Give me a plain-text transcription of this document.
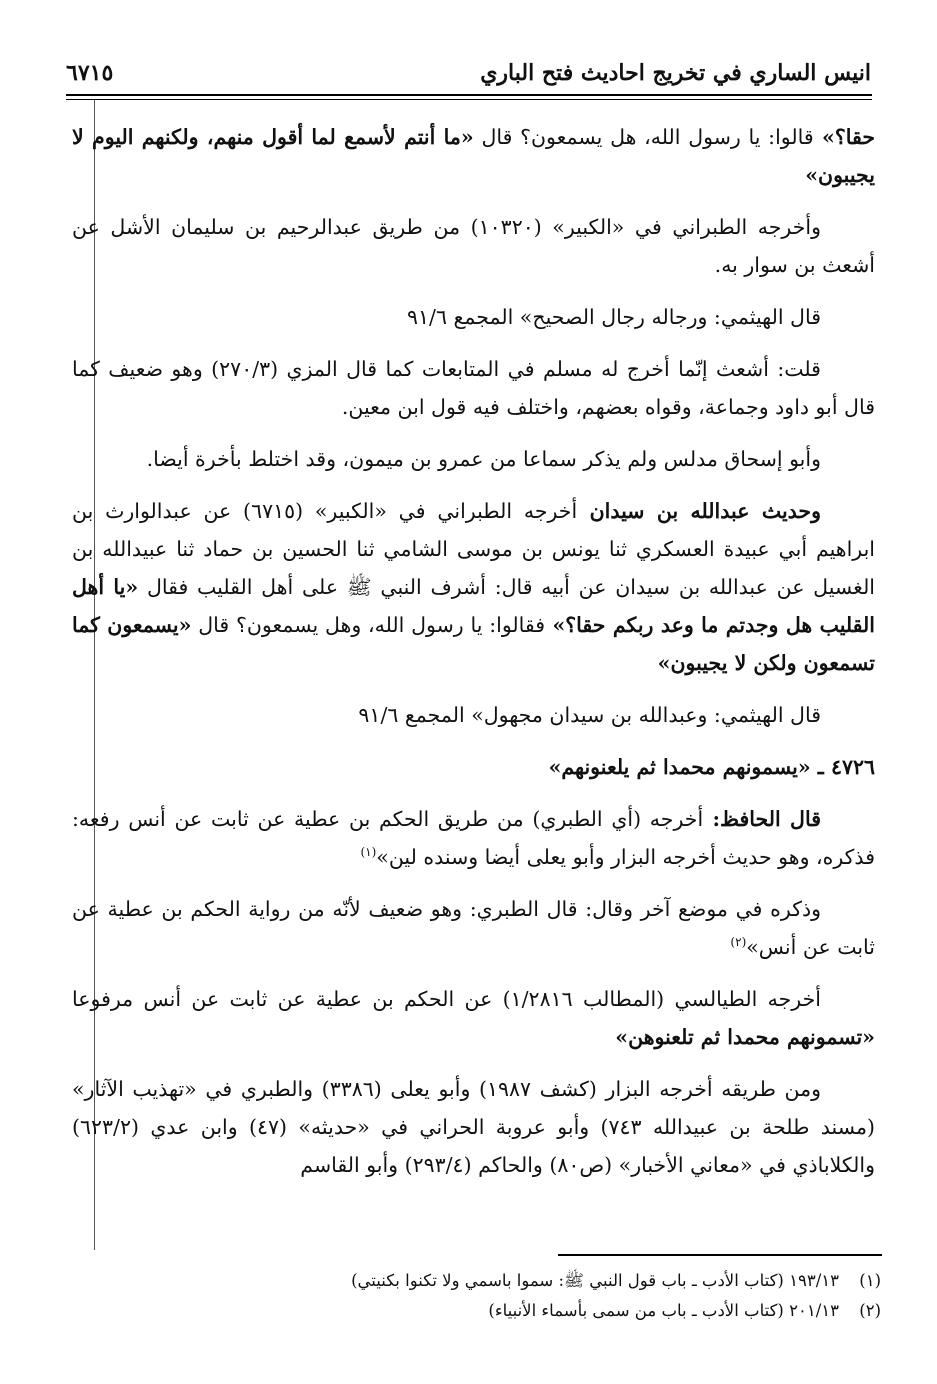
انيس الساري في تخريج احاديث فتح الباري
٦٧١٥

حقا؟» قالوا: يا رسول الله، هل يسمعون؟ قال «ما أنتم لأسمع لما أقول منهم، ولكنهم اليوم لا يجيبون»

وأخرجه الطبراني في «الكبير» (١٠٣٢٠) من طريق عبدالرحيم بن سليمان الأشل عن أشعث بن سوار به.

قال الهيثمي: ورجاله رجال الصحيح» المجمع ٩١/٦

قلت: أشعث إنّما أخرج له مسلم في المتابعات كما قال المزي (٢٧٠/٣) وهو ضعيف كما قال أبو داود وجماعة، وقواه بعضهم، واختلف فيه قول ابن معين.

وأبو إسحاق مدلس ولم يذكر سماعا من عمرو بن ميمون، وقد اختلط بأخرة أيضا.

وحديث عبدالله بن سيدان أخرجه الطبراني في «الكبير» (٦٧١٥) عن عبدالوارث بن ابراهيم أبي عبيدة العسكري ثنا يونس بن موسى الشامي ثنا الحسين بن حماد ثنا عبيدالله بن الغسيل عن عبدالله بن سيدان عن أبيه قال: أشرف النبي ﷺ على أهل القليب فقال «يا أهل القليب هل وجدتم ما وعد ربكم حقا؟» فقالوا: يا رسول الله، وهل يسمعون؟ قال «يسمعون كما تسمعون ولكن لا يجيبون»

قال الهيثمي: وعبدالله بن سيدان مجهول» المجمع ٩١/٦

٤٧٢٦ ـ «يسمونهم محمدا ثم يلعنونهم»

قال الحافظ: أخرجه (أي الطبري) من طريق الحكم بن عطية عن ثابت عن أنس رفعه: فذكره، وهو حديث أخرجه البزار وأبو يعلى أيضا وسنده لين»$^{(١)}$

وذكره في موضع آخر وقال: قال الطبري: وهو ضعيف لأنّه من رواية الحكم بن عطية عن ثابت عن أنس»$^{(٢)}$

أخرجه الطيالسي (المطالب ١/٢٨١٦) عن الحكم بن عطية عن ثابت عن أنس مرفوعا «تسمونهم محمدا ثم تلعنوهن»

ومن طريقه أخرجه البزار (كشف ١٩٨٧) وأبو يعلى (٣٣٨٦) والطبري في «تهذيب الآثار» (مسند طلحة بن عبيدالله ٧٤٣) وأبو عروبة الحراني في «حديثه» (٤٧) وابن عدي (٦٢٣/٢) والكلاباذي في «معاني الأخبار» (ص٨٠) والحاكم (٢٩٣/٤) وأبو القاسم

(١)١٩٣/١٣ (كتاب الأدب ـ باب قول النبي ﷺ: سموا باسمي ولا تكنوا بكنيتي)
(٢)٢٠١/١٣ (كتاب الأدب ـ باب من سمى بأسماء الأنبياء)
